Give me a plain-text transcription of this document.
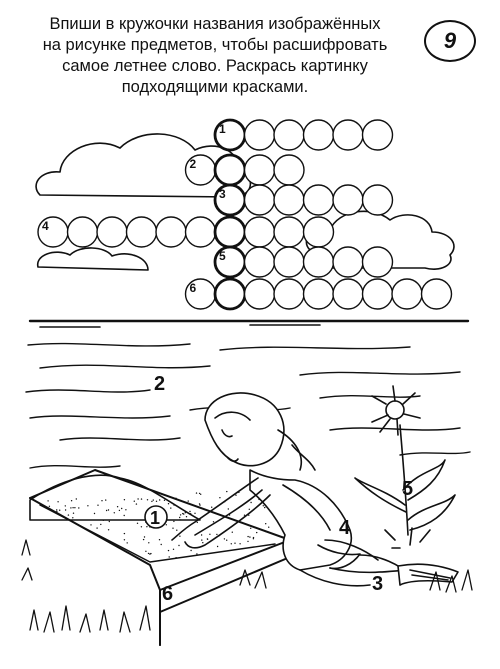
Впиши в кружочки названия изображённых
на рисунке предметов, чтобы расшифровать
самое летнее слово. Раскрась картинку
подходящими красками.
9
1
2
3
4
5
6
1
2
3
4
5
6
